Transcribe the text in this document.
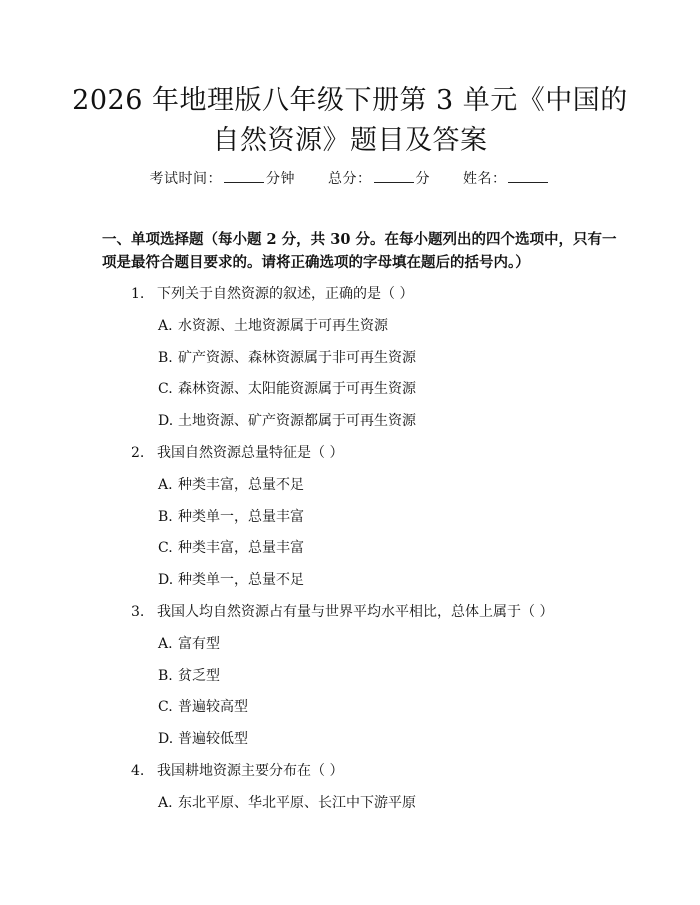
2026 年地理版八年级下册第 3 单元《中国的
自然资源》题目及答案
考试时间：	分钟 总分：	分 姓名：
一、单项选择题（每小题 2 分，共 30 分。在每小题列出的四个选项中，只有一项是最符合题目要求的。请将正确选项的字母填在题后的括号内。）
1. 下列关于自然资源的叙述，正确的是（ ）
A. 水资源、土地资源属于可再生资源
B. 矿产资源、森林资源属于非可再生资源
C. 森林资源、太阳能资源属于可再生资源
D. 土地资源、矿产资源都属于可再生资源
2. 我国自然资源总量特征是（ ）
A. 种类丰富，总量不足
B. 种类单一，总量丰富
C. 种类丰富，总量丰富
D. 种类单一，总量不足
3. 我国人均自然资源占有量与世界平均水平相比，总体上属于（ ）
A. 富有型
B. 贫乏型
C. 普遍较高型
D. 普遍较低型
4. 我国耕地资源主要分布在（ ）
A. 东北平原、华北平原、长江中下游平原
